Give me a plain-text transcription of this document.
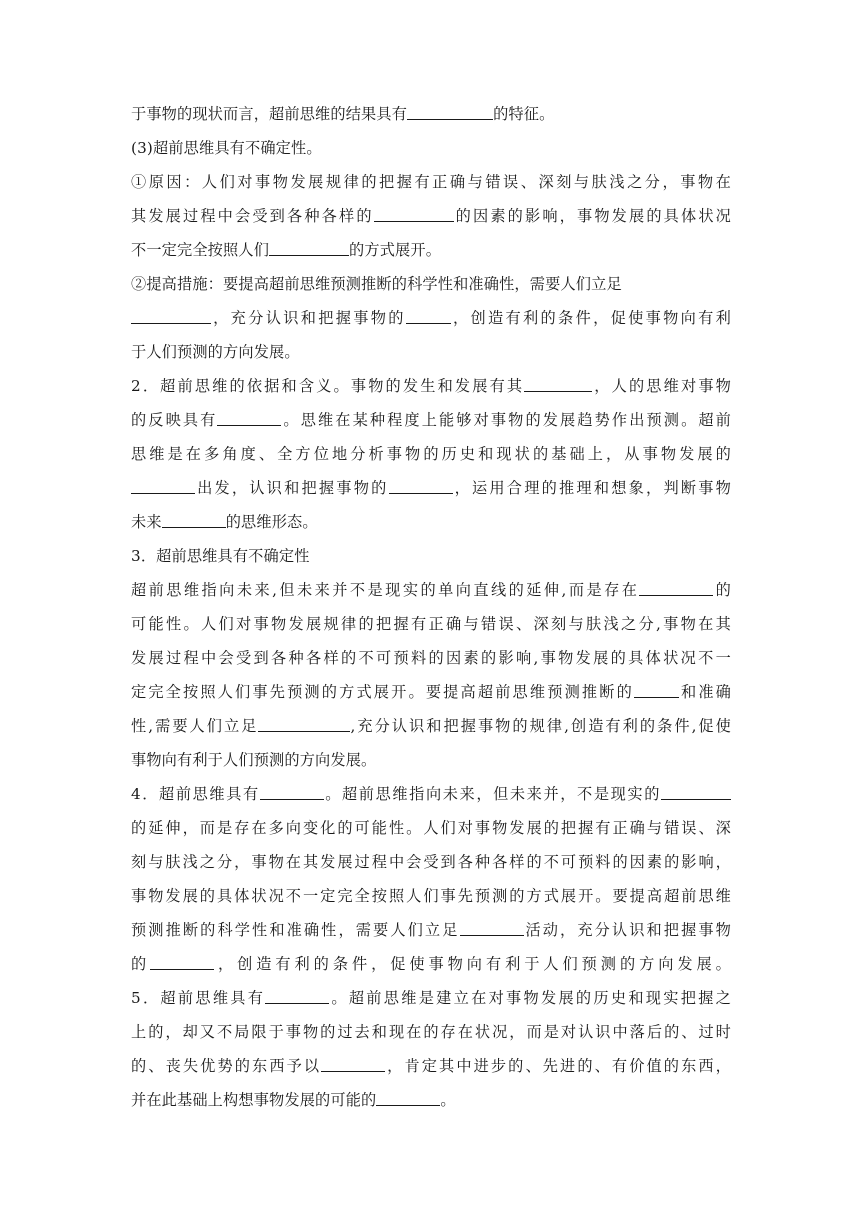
于事物的现状而言，超前思维的结果具有	的特征。
(3)超前思维具有不确定性。
①原因：人们对事物发展规律的把握有正确与错误、深刻与肤浅之分，事物在
其发展过程中会受到各种各样的	的因素的影响，事物发展的具体状况
不一定完全按照人们	的方式展开。
②提高措施：要提高超前思维预测推断的科学性和准确性，需要人们立足
，充分认识和把握事物的	，创造有利的条件，促使事物向有利
于人们预测的方向发展。
2．超前思维的依据和含义。事物的发生和发展有其	，人的思维对事物
的反映具有	。思维在某种程度上能够对事物的发展趋势作出预测。超前
思维是在多角度、全方位地分析事物的历史和现状的基础上，从事物发展的
出发，认识和把握事物的	，运用合理的推理和想象，判断事物
未来	的思维形态。
3．超前思维具有不确定性
超前思维指向未来,但未来并不是现实的单向直线的延伸,而是存在	的
可能性。人们对事物发展规律的把握有正确与错误、深刻与肤浅之分,事物在其
发展过程中会受到各种各样的不可预料的因素的影响,事物发展的具体状况不一
定完全按照人们事先预测的方式展开。要提高超前思维预测推断的	和准确
性,需要人们立足	,充分认识和把握事物的规律,创造有利的条件,促使
事物向有利于人们预测的方向发展。
4．超前思维具有	。超前思维指向未来，但未来并，不是现实的
的延伸，而是存在多向变化的可能性。人们对事物发展的把握有正确与错误、深
刻与肤浅之分，事物在其发展过程中会受到各种各样的不可预料的因素的影响，
事物发展的具体状况不一定完全按照人们事先预测的方式展开。要提高超前思维
预测推断的科学性和准确性，需要人们立足	活动，充分认识和把握事物
的	，创造有利的条件，促使事物向有利于人们预测的方向发展。
5．超前思维具有	。超前思维是建立在对事物发展的历史和现实把握之
上的，却又不局限于事物的过去和现在的存在状况，而是对认识中落后的、过时
的、丧失优势的东西予以	，肯定其中进步的、先进的、有价值的东西，
并在此基础上构想事物发展的可能的	。
